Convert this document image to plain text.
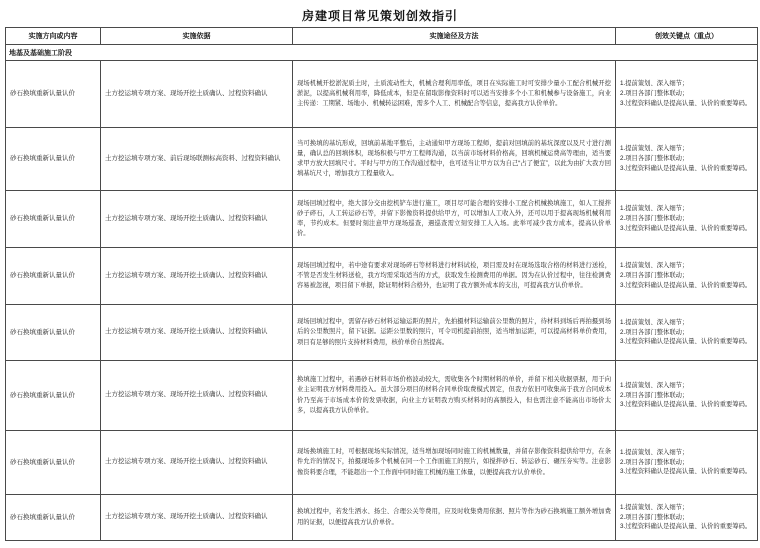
房建项目常见策划创效指引
实施方向或内容	实施依据	实施途径及方法	创效关键点（重点）
地基及基础施工阶段			
砂石换填重新认量认价	土方挖运填专项方案、现场开挖土质确认、过程资料确认	现场机械开挖淤泥质土时，土质流动性大，机械合理利用率低，项目在实际施工时可安排少量小工配合机械开挖淤泥，以提高机械利用率，降低成本，但是在留取影像资料时可以适当安排多个小工和机械参与设备施工，向业主传递：工期紧、场地小、机械转运困难，需多个人工、机械配合等信息，提高我方认价单价。	1.提前策划、深入细节；
2.项目各部门整体联动；
3.过程资料确认是提高认量、认价的重要筹码。

砂石换填重新认量认价	土方挖运填专项方案、前后现场联测标高资料、过程资料确认	当可换填的基坑形成，回填前基地平整后，主动通知甲方现场工程师，提前对回填前的基坑深度以及尺寸进行测量，确认总的回填体积，现场积极与甲方工程师沟通，以当前市场材料价格高，回填机械运费高等理由，适当要求甲方放大回填尺寸。平时与甲方的工作沟通过程中，也可适当让甲方以为自己“占了便宜”，以此为由扩大我方回填基坑尺寸，增加我方工程量收入。	1.提前策划、深入细节；
2.项目各部门整体联动；
3.过程资料确认是提高认量、认价的重要筹码。

砂石换填重新认量认价	土方挖运填专项方案、现场开挖土质确认、过程资料确认	现场回填过程中，绝大部分交由挖机铲车进行施工，项目尽可能合理的安排小工配合机械换填施工，如人工搅拌砂子碎石，人工转运砂石等，并留下影像资料提供给甲方，可以增加人工收入外，还可以用于提高现场机械利用率，节约成本。但要时刻注意甲方现场巡查，遇巡查需立刻安排工人入场。此举可减少我方成本，提高认价单价。	1.提前策划、深入细节；
2.项目各部门整体联动；
3.过程资料确认是提高认量、认价的重要筹码。

砂石换填重新认量认价	土方挖运填专项方案、现场开挖土质确认、过程资料确认	现场回填过程中，若中途有要求对现场碎石等材料进行材料试检，项目需及时在现场选取合格的材料进行送检，不管是否发生材料送检，我方均需采取适当的方式，获取发生检测费用的单据。因为在认价过程中，往往检测费容易被忽视，项目留下单据，除证明材料合格外，也证明了我方额外成本的支出，可提高我方认价单价。	1.提前策划、深入细节；
2.项目各部门整体联动；
3.过程资料确认是提高认量、认价的重要筹码。

砂石换填重新认量认价	土方挖运填专项方案、现场开挖土质确认、过程资料确认	现场回填过程中，需留存砂石材料运输运距的照片，先拍摄材料运输前公里数的照片，待材料到场后再拍摄到场后的公里数照片，留下证据。运距公里数的照片，可令司机提前拍照，适当增加运距，可以提高材料单价费用，项目有足够的照片支持材料费用，核价单价自然提高。	1.提前策划、深入细节；
2.项目各部门整体联动；
3.过程资料确认是提高认量、认价的重要筹码。

砂石换填重新认量认价	土方挖运填专项方案、现场开挖土质确认、过程资料确认	换填施工过程中，若遇砂石材料市场价格波动较大，需收集各个时期材料的单价，并留下相关收据票据，用于向业主证明我方材料费用投入。虽大部分项目的材料合同单价取费模式固定，但我方依旧可收集高于我方合同成本价乃至高于市场成本价的发票收据，向业主方证明我方购买材料时的高额投入，但也需注意不能高出市场价太多，以提高我方认价单价。	1.提前策划、深入细节；
2.项目各部门整体联动；
3.过程资料确认是提高认量、认价的重要筹码。

砂石换填重新认量认价	土方挖运填专项方案、现场开挖土质确认、过程资料确认	现场换填施工时，可根据现场实际情况，适当增加现场同时施工的机械数量，并留存影像资料提供给甲方，在条件允许的情况下，拍摄现场多个机械在同一个工作面施工的照片，如搅拌砂石、转运砂石、碾压夯实等。注意影像资料要合理，不能超出一个工作面中同时施工机械的施工体量，以便提高我方认价单价。	1.提前策划、深入细节；
2.项目各部门整体联动；
3.过程资料确认是提高认量、认价的重要筹码。

砂石换填重新认量认价	土方挖运填专项方案、现场开挖土质确认、过程资料确认	换填过程中，若发生洒水、扬尘、合理公关等费用，应及时收集费用依据、照片等作为砂石换填施工额外增加费用的证据，以便提高我方认价单价。	1.提前策划、深入细节；
2.项目各部门整体联动；
3.过程资料确认是提高认量、认价的重要筹码。
